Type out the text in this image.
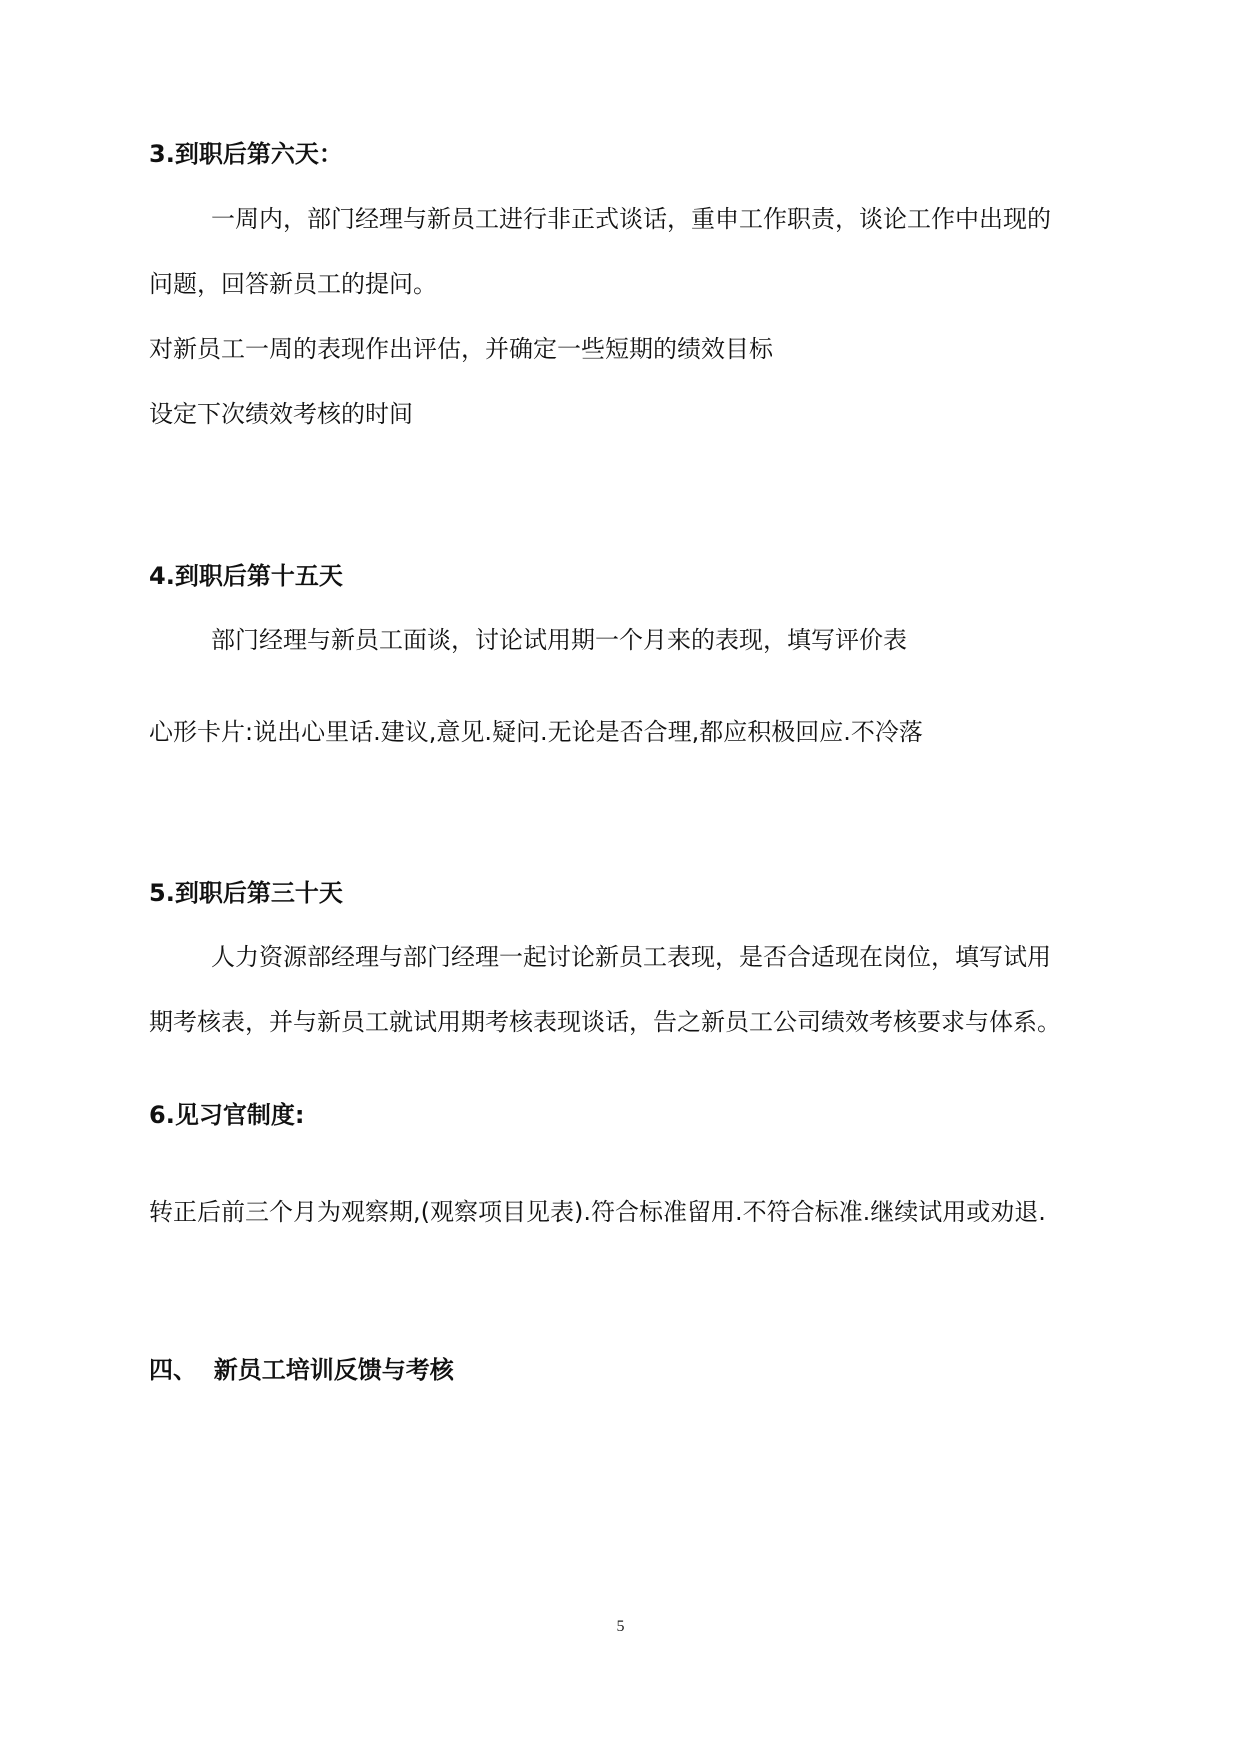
3.到职后第六天：
一周内，部门经理与新员工进行非正式谈话，重申工作职责，谈论工作中出现的
问题，回答新员工的提问。
对新员工一周的表现作出评估，并确定一些短期的绩效目标
设定下次绩效考核的时间
4.到职后第十五天
部门经理与新员工面谈，讨论试用期一个月来的表现，填写评价表
心形卡片:说出心里话.建议,意见.疑问.无论是否合理,都应积极回应.不冷落
5.到职后第三十天
人力资源部经理与部门经理一起讨论新员工表现，是否合适现在岗位，填写试用
期考核表，并与新员工就试用期考核表现谈话，告之新员工公司绩效考核要求与体系。
6.见习官制度:
转正后前三个月为观察期,(观察项目见表).符合标准留用.不符合标准.继续试用或劝退.
四、  新员工培训反馈与考核
5
